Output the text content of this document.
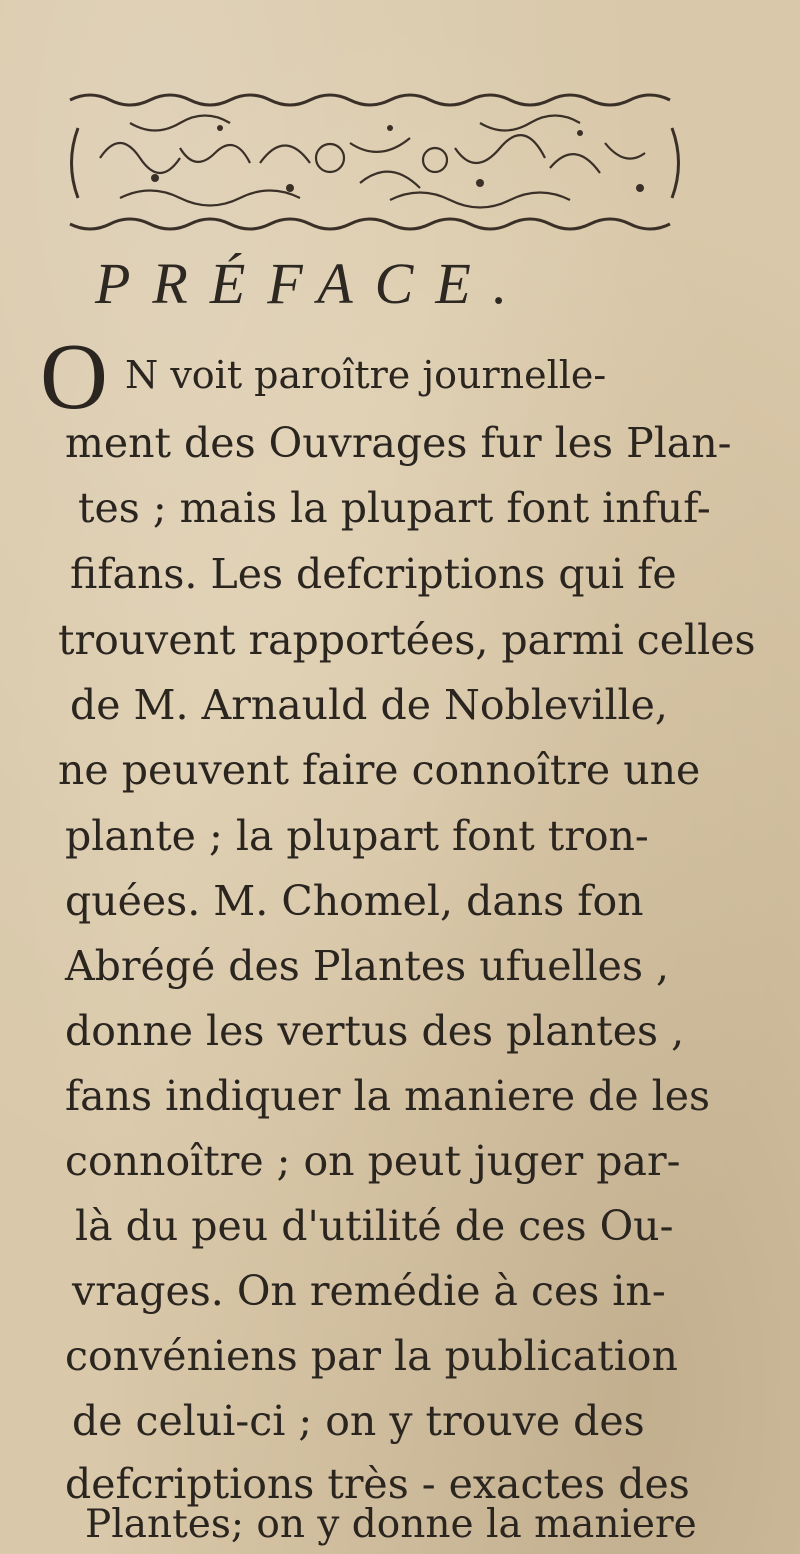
PRÉFACE.
O N voit paroître journelle-
ment des Ouvrages fur les Plan-
tes ; mais la plupart font infuf-
fifans. Les defcriptions qui fe
trouvent rapportées, parmi celles
de M. Arnauld de Nobleville,
ne peuvent faire connoître une
plante ; la plupart font tron-
quées. M. Chomel, dans fon
Abrégé des Plantes ufuelles ,
donne les vertus des plantes ,
fans indiquer la maniere de les
connoître ; on peut juger par-
là du peu d'utilité de ces Ou-
vrages. On remédie à ces in-
convéniens par la publication
de celui-ci ; on y trouve des
defcriptions très - exactes des
Plantes; on y donne la maniere
